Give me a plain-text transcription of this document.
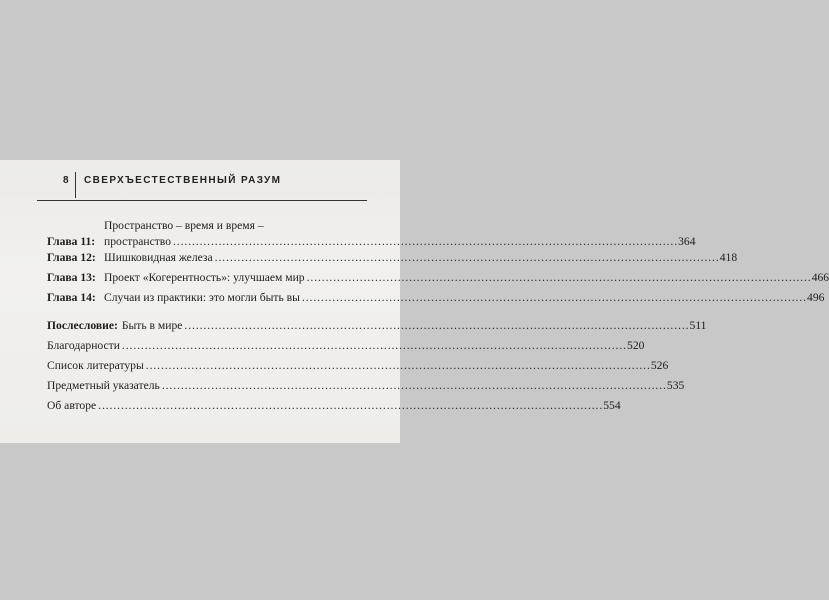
8 СВЕРХЪЕСТЕСТВЕННЫЙ РАЗУМ
Глава 11:
Пространство – время и время –
пространство . . .	364
Глава 12: Шишковидная железа . . .	418
Глава 13: Проект «Когерентность»: улучшаем мир . . .	466
Глава 14: Случаи из практики: это могли быть вы . . .	496
Послесловие: Быть в мире . . .	511
Благодарности . . .	520
Список литературы . . .	526
Предметный указатель . . .	535
Об авторе . . .	554
